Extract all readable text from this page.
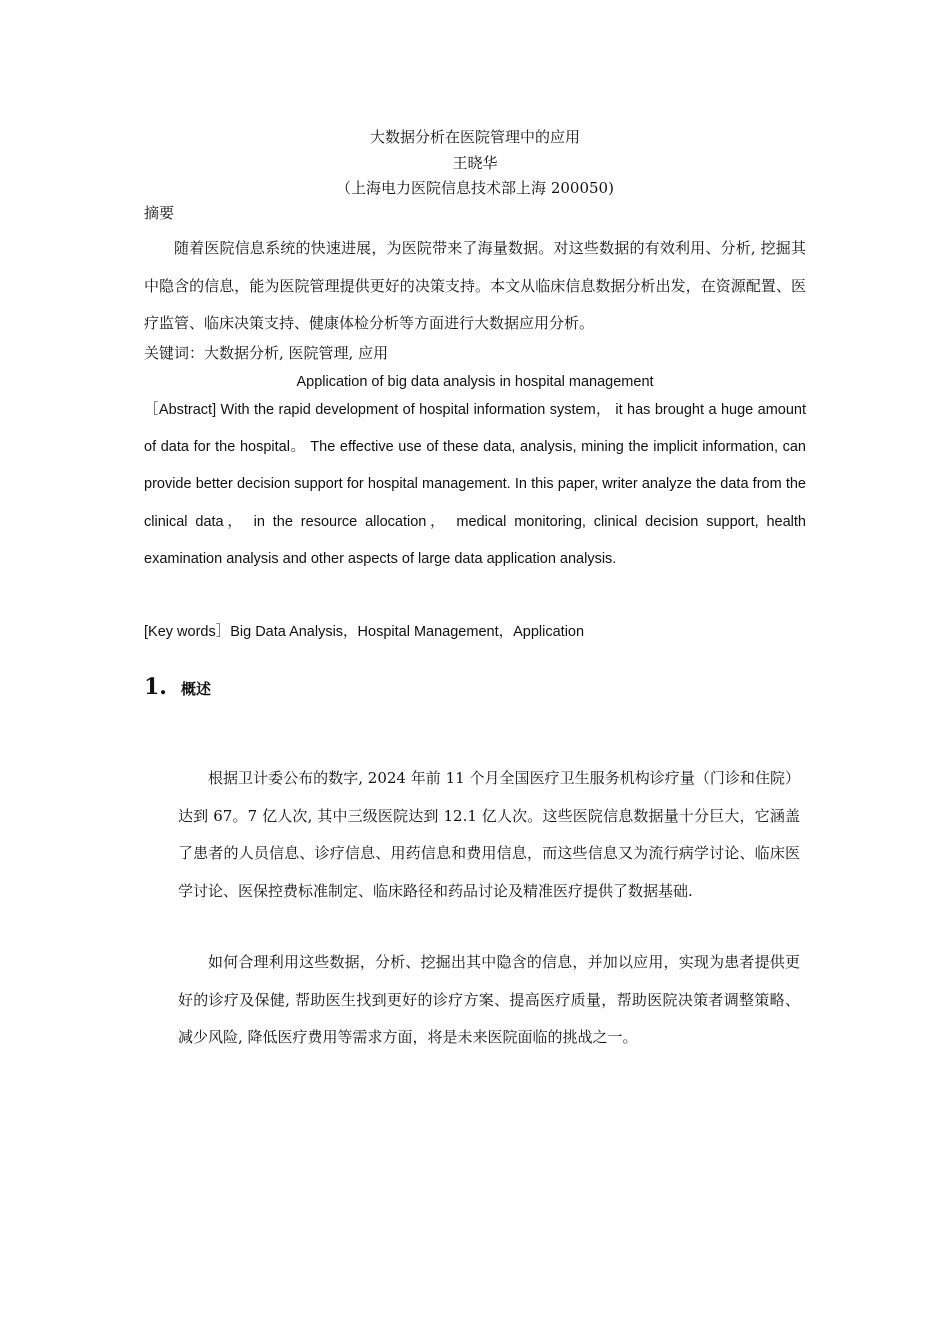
大数据分析在医院管理中的应用
王晓华
（上海电力医院信息技术部上海 200050)
摘要
随着医院信息系统的快速进展，为医院带来了海量数据。对这些数据的有效利用、分析, 挖掘其中隐含的信息，能为医院管理提供更好的决策支持。本文从临床信息数据分析出发，在资源配置、医疗监管、临床决策支持、健康体检分析等方面进行大数据应用分析。
关键词：大数据分析, 医院管理, 应用
Application of big data analysis in hospital management
［Abstract] With the rapid development of hospital information system， it has brought a huge amount of data for the hospital。 The effective use of these data, analysis, mining the implicit information, can provide better decision support for hospital management. In this paper, writer analyze the data from the clinical data， in the resource allocation， medical monitoring, clinical decision support, health examination analysis and other aspects of large data application analysis.
[Key words］Big Data Analysis，Hospital Management，Application
1. 概述
根据卫计委公布的数字, 2024 年前 11 个月全国医疗卫生服务机构诊疗量（门诊和住院）达到 67。7 亿人次, 其中三级医院达到 12.1 亿人次。这些医院信息数据量十分巨大，它涵盖了患者的人员信息、诊疗信息、用药信息和费用信息，而这些信息又为流行病学讨论、临床医学讨论、医保控费标准制定、临床路径和药品讨论及精准医疗提供了数据基础.
如何合理利用这些数据，分析、挖掘出其中隐含的信息，并加以应用，实现为患者提供更好的诊疗及保健, 帮助医生找到更好的诊疗方案、提高医疗质量，帮助医院决策者调整策略、减少风险, 降低医疗费用等需求方面，将是未来医院面临的挑战之一。
